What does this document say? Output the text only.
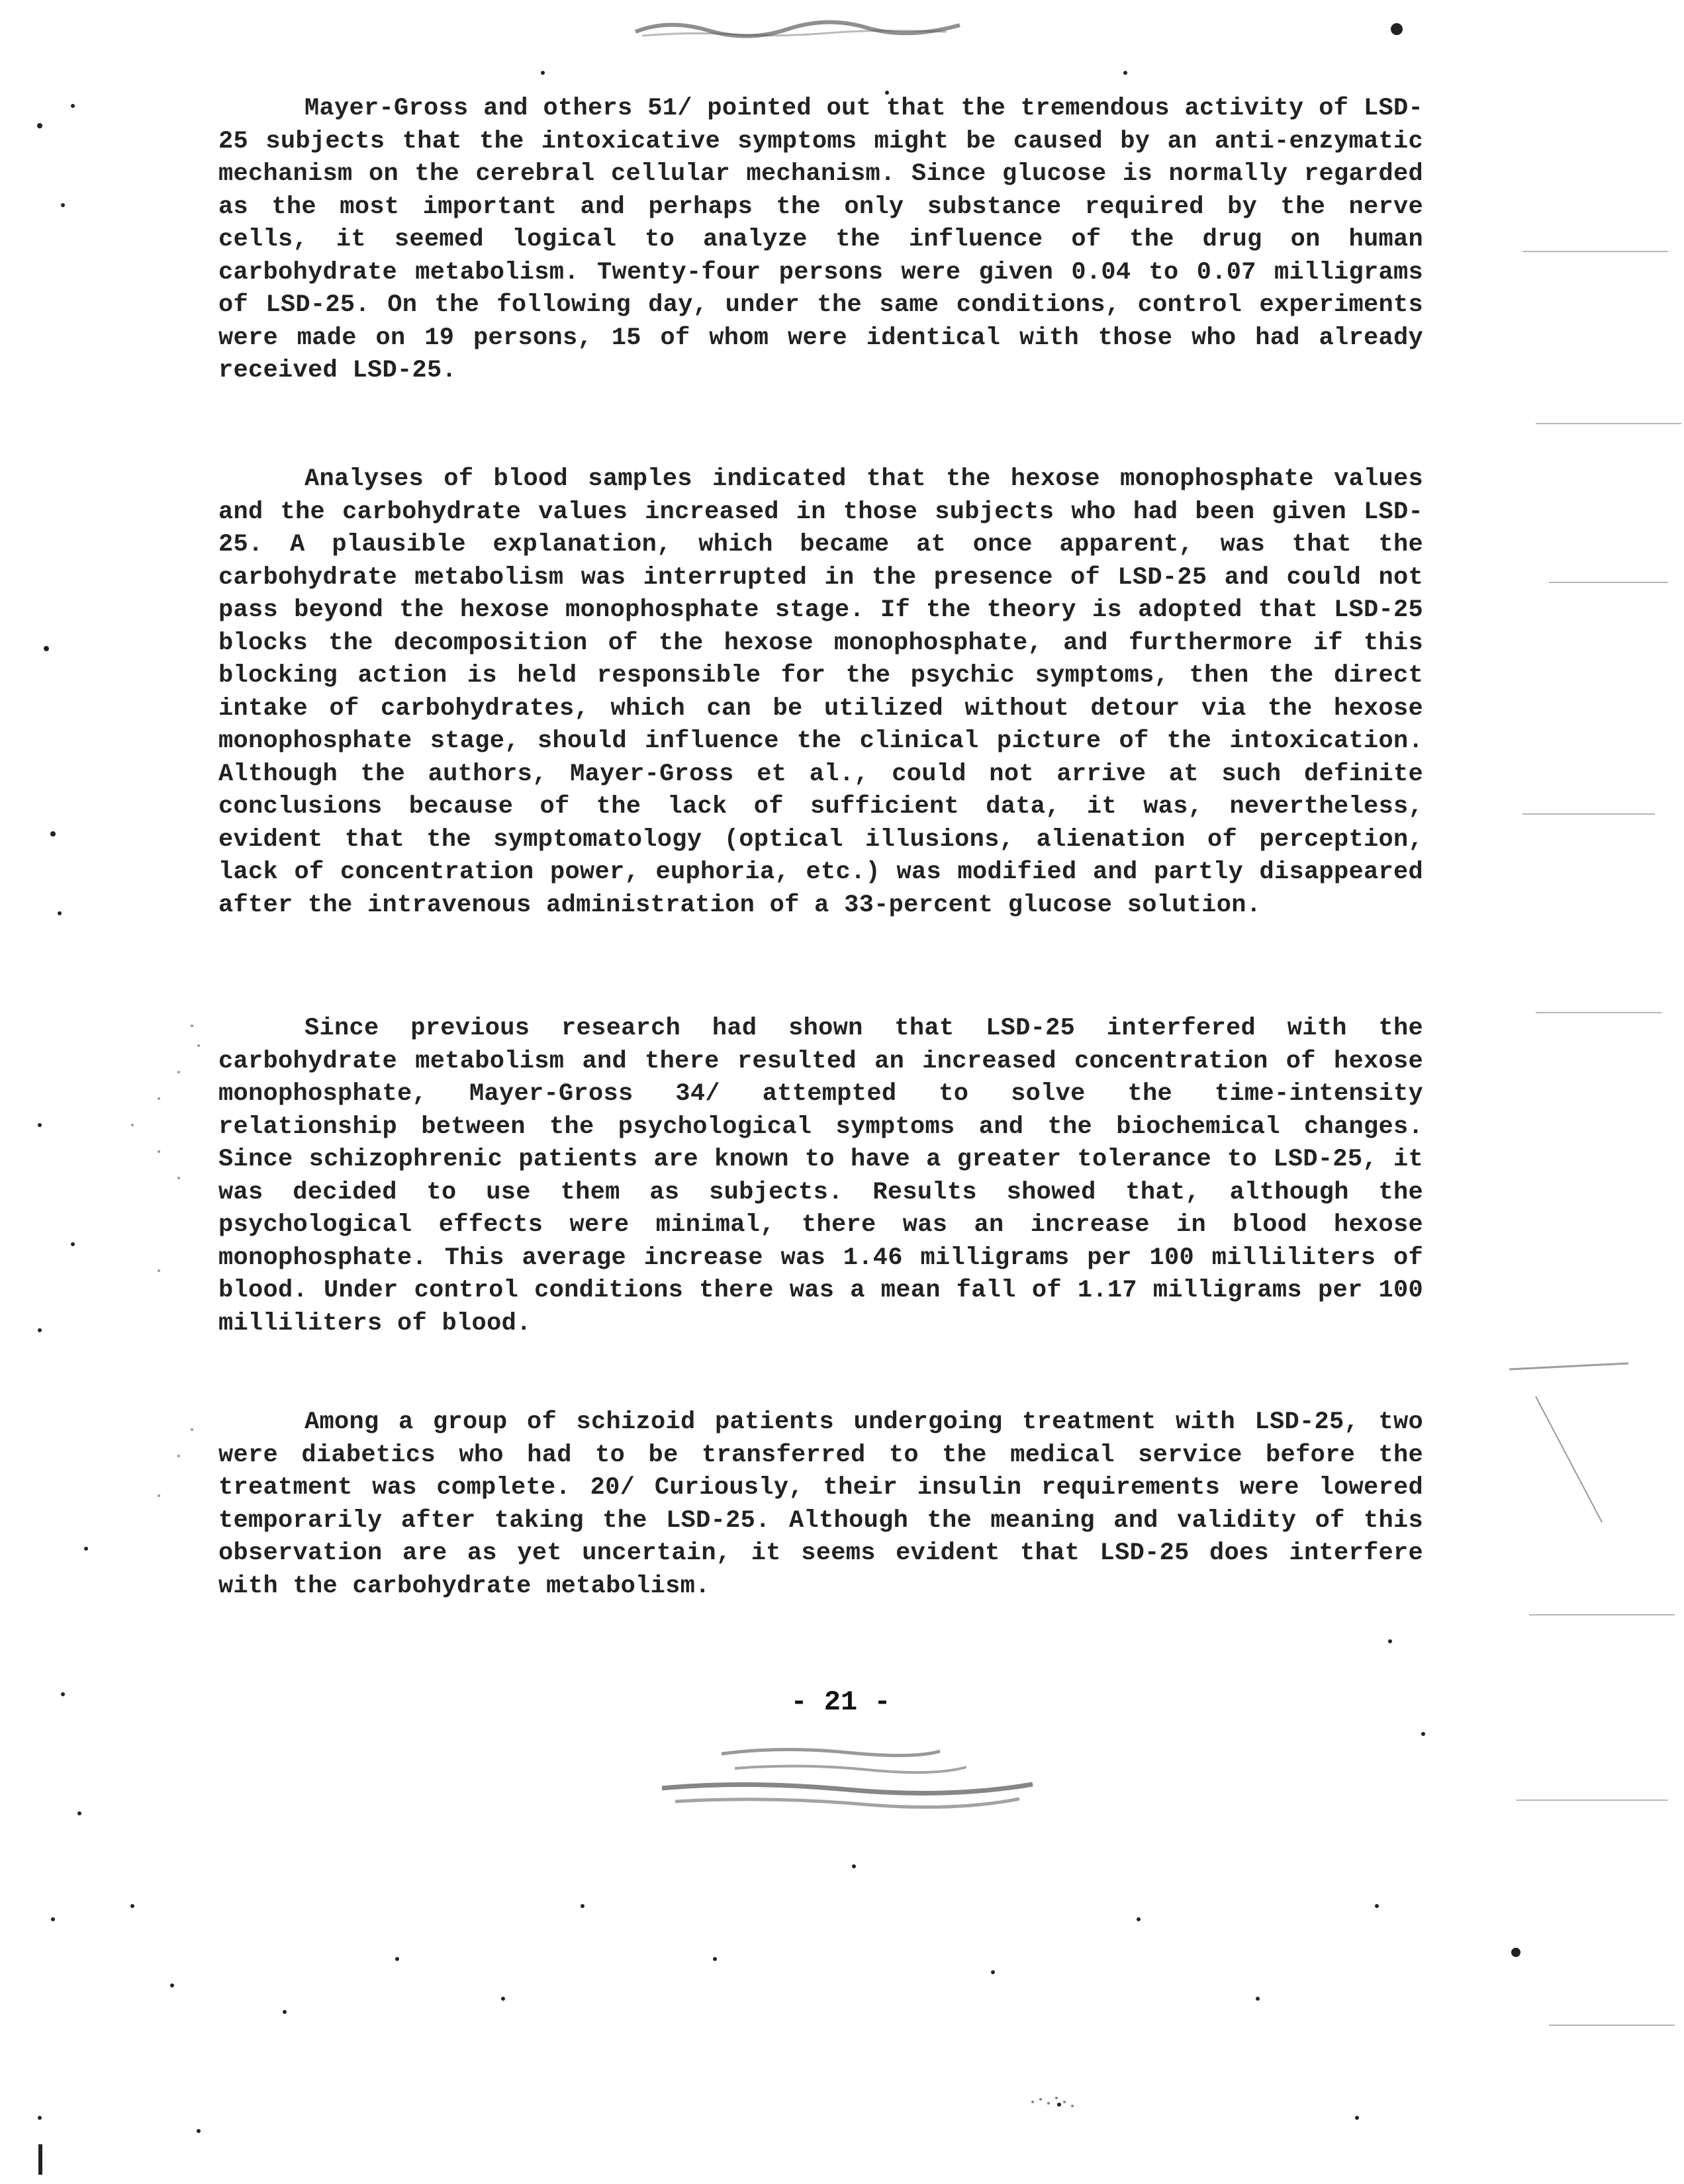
Mayer-Gross and others 51/ pointed out that the tremendous activity of LSD-25 subjects that the intoxicative symptoms might be caused by an anti-enzymatic mechanism on the cerebral cellular mechanism. Since glucose is normally regarded as the most important and perhaps the only substance required by the nerve cells, it seemed logical to analyze the influence of the drug on human carbohydrate metabolism. Twenty-four persons were given 0.04 to 0.07 milligrams of LSD-25. On the following day, under the same conditions, control experiments were made on 19 persons, 15 of whom were identical with those who had already received LSD-25.

Analyses of blood samples indicated that the hexose monophosphate values and the carbohydrate values increased in those subjects who had been given LSD-25. A plausible explanation, which became at once apparent, was that the carbohydrate metabolism was interrupted in the presence of LSD-25 and could not pass beyond the hexose monophosphate stage. If the theory is adopted that LSD-25 blocks the decomposition of the hexose monophosphate, and furthermore if this blocking action is held responsible for the psychic symptoms, then the direct intake of carbohydrates, which can be utilized without detour via the hexose monophosphate stage, should influence the clinical picture of the intoxication. Although the authors, Mayer-Gross et al., could not arrive at such definite conclusions because of the lack of sufficient data, it was, nevertheless, evident that the symptomatology (optical illusions, alienation of perception, lack of concentration power, euphoria, etc.) was modified and partly disappeared after the intravenous administration of a 33-percent glucose solution.

Since previous research had shown that LSD-25 interfered with the carbohydrate metabolism and there resulted an increased concentration of hexose monophosphate, Mayer-Gross 34/ attempted to solve the time-intensity relationship between the psychological symptoms and the biochemical changes. Since schizophrenic patients are known to have a greater tolerance to LSD-25, it was decided to use them as subjects. Results showed that, although the psychological effects were minimal, there was an increase in blood hexose monophosphate. This average increase was 1.46 milligrams per 100 milliliters of blood. Under control conditions there was a mean fall of 1.17 milligrams per 100 milliliters of blood.

Among a group of schizoid patients undergoing treatment with LSD-25, two were diabetics who had to be transferred to the medical service before the treatment was complete. 20/ Curiously, their insulin requirements were lowered temporarily after taking the LSD-25. Although the meaning and validity of this observation are as yet uncertain, it seems evident that LSD-25 does interfere with the carbohydrate metabolism.

- 21 -
